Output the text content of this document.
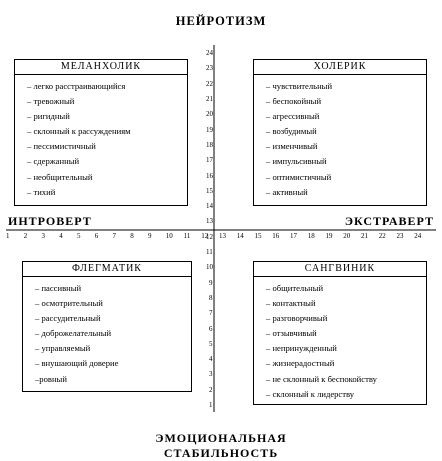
НЕЙРОТИЗМ
ИНТРОВЕРТ	ЭКСТРАВЕРТ
ЭМОЦИОНАЛЬНАЯ
СТАБИЛЬНОСТЬ
1 2 3 4 5 6 7 8 9 10 11 12 13 14 15 16 17 18 19 20 21 22 23 24
1
2
3
4
5
6
7
8
9
10
11
12
13
14
15
16
17
18
19
20
21
22
23
24
МЕЛАНХОЛИК
– легко расстраивающийся
– тревожный
– ригидный
– склонный к рассуждениям
– пессимистичный
– сдержанный
– необщительный
– тихий
ХОЛЕРИК
– чувствительный
– беспокойный
– агрессивный
– возбудимый
– изменчивый
– импульсивный
– оптимистичный
– активный
ФЛЕГМАТИК
– пассивный
– осмотрительный
– рассудительный
– доброжелательный
– управляемый
– внушающий доверие
–ровный
САНГВИНИК
– общительный
– контактный
– разговорчивый
– отзывчивый
– непринужденный
– жизнерадостный
– не склонный к беспокойству
– склонный к лидерству
